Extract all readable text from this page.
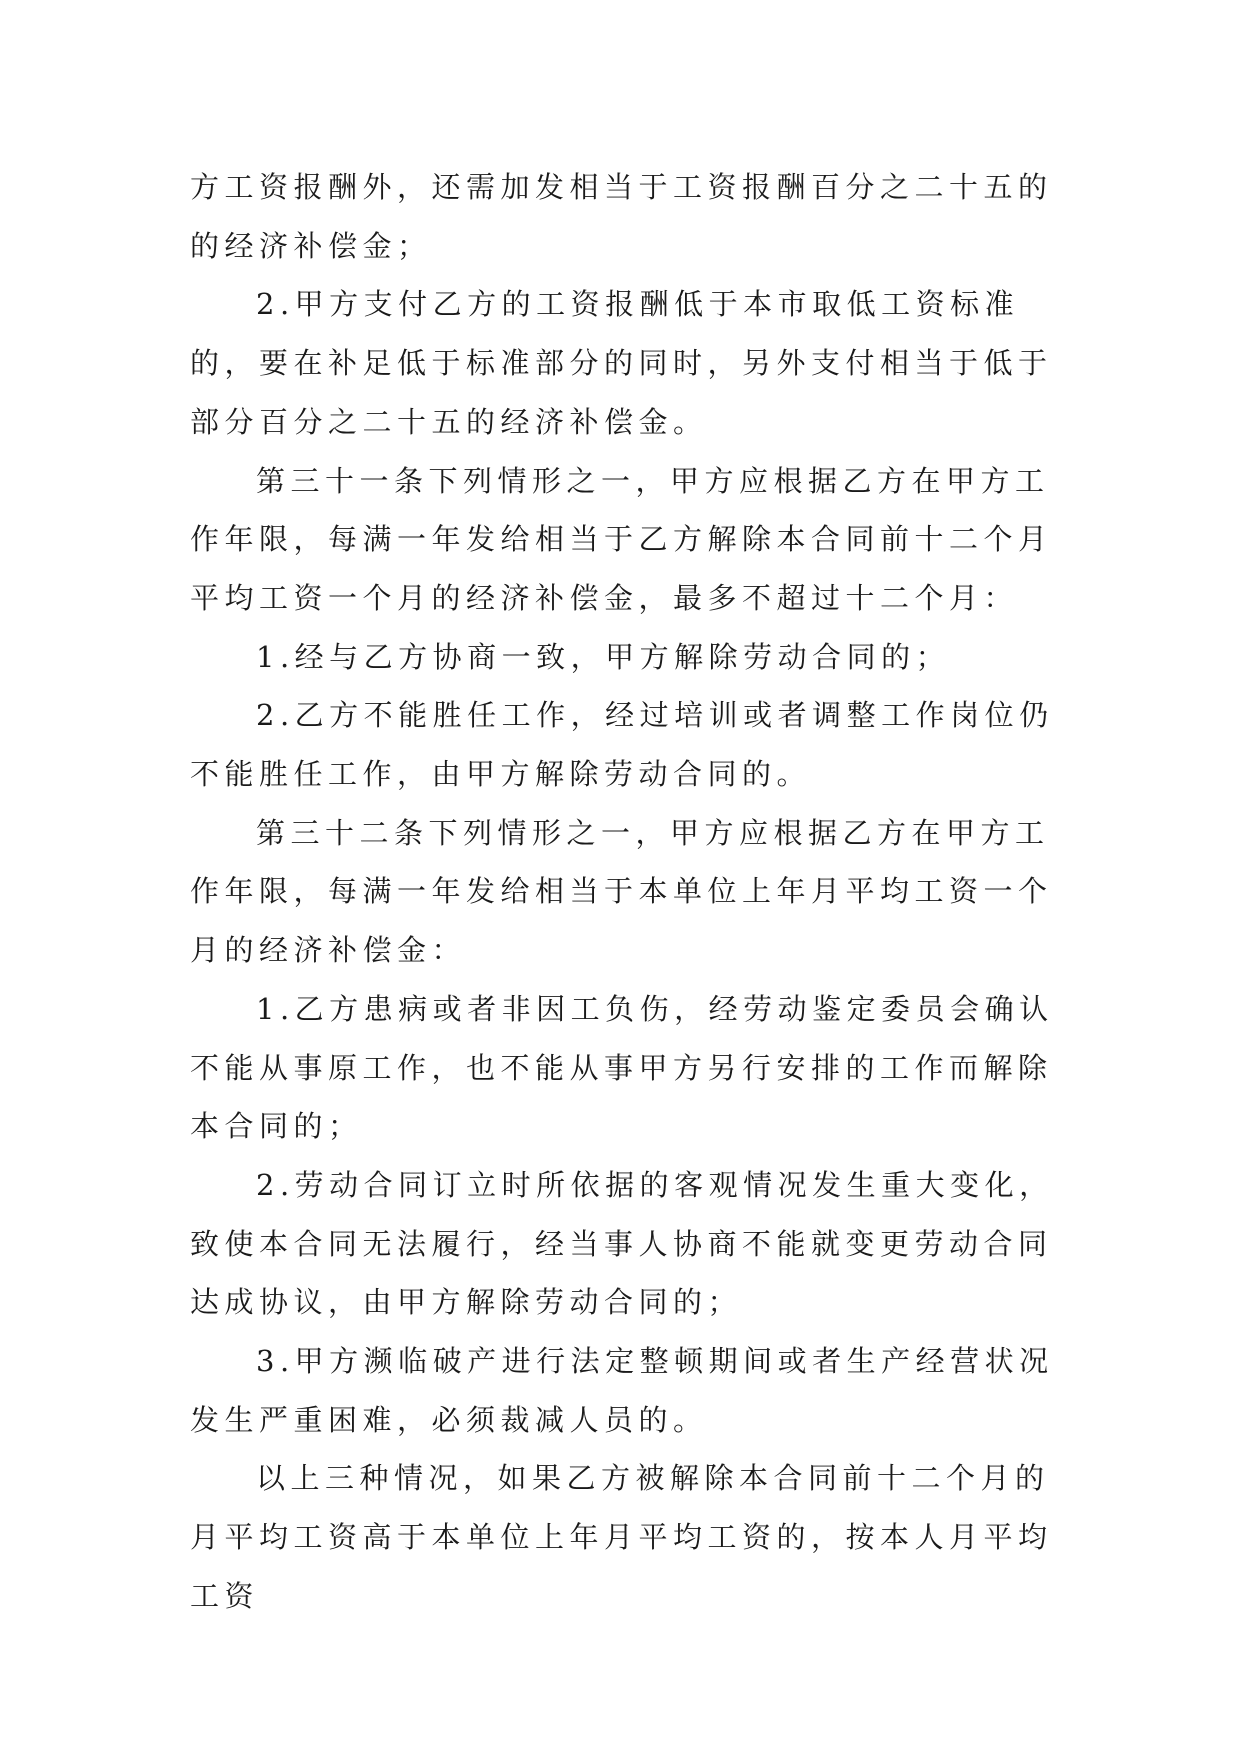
方工资报酬外，还需加发相当于工资报酬百分之二十五的的经济补偿金；

2.甲方支付乙方的工资报酬低于本市取低工资标准的，要在补足低于标准部分的同时，另外支付相当于低于部分百分之二十五的经济补偿金。

第三十一条下列情形之一，甲方应根据乙方在甲方工作年限，每满一年发给相当于乙方解除本合同前十二个月平均工资一个月的经济补偿金，最多不超过十二个月：

1.经与乙方协商一致，甲方解除劳动合同的；

2.乙方不能胜任工作，经过培训或者调整工作岗位仍不能胜任工作，由甲方解除劳动合同的。

第三十二条下列情形之一，甲方应根据乙方在甲方工作年限，每满一年发给相当于本单位上年月平均工资一个月的经济补偿金：

1.乙方患病或者非因工负伤，经劳动鉴定委员会确认不能从事原工作，也不能从事甲方另行安排的工作而解除本合同的；

2.劳动合同订立时所依据的客观情况发生重大变化，致使本合同无法履行，经当事人协商不能就变更劳动合同达成协议，由甲方解除劳动合同的；

3.甲方濒临破产进行法定整顿期间或者生产经营状况发生严重困难，必须裁减人员的。

以上三种情况，如果乙方被解除本合同前十二个月的月平均工资高于本单位上年月平均工资的，按本人月平均工资
